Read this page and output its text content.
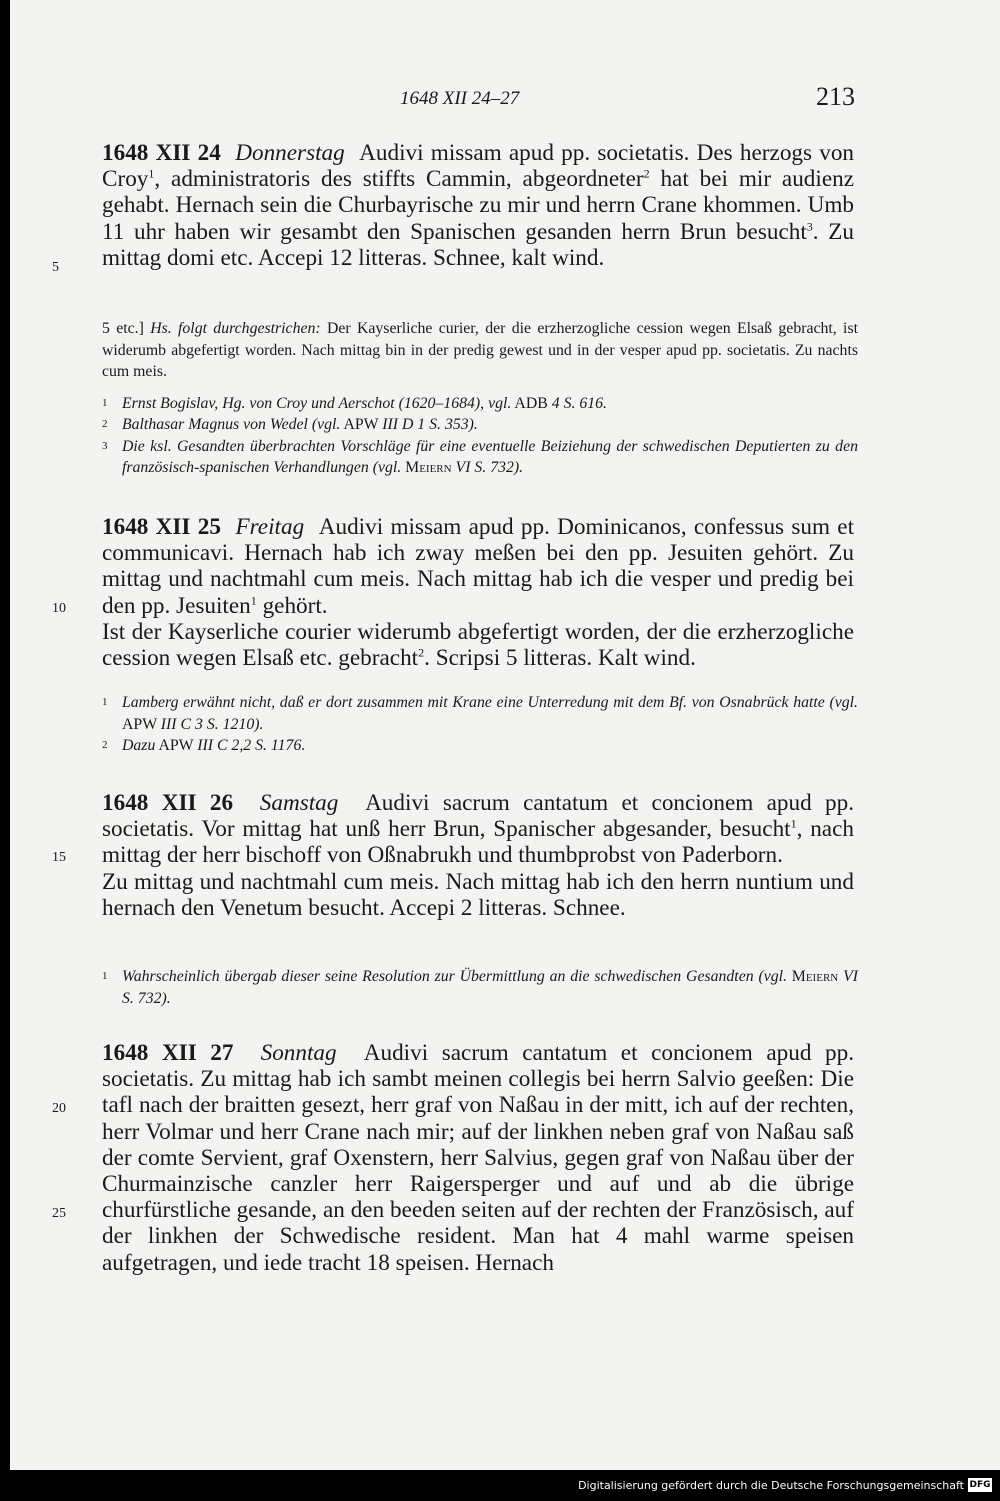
1648 XII 24–27	213

1648 XII 24 Donnerstag Audivi missam apud pp. societatis. Des herzogs von Croy$^1$, administratoris des stiffts Cammin, abgeordneter$^2$ hat bei mir audienz gehabt. Hernach sein die Churbayrische zu mir und herrn Crane khommen. Umb 11 uhr haben wir gesambt den Spanischen gesanden herrn Brun besucht$^3$. Zu mittag domi etc. Accepi 12 litteras. Schnee, kalt wind.

5 etc.] Hs. folgt durchgestrichen: Der Kayserliche curier, der die erzherzogliche cession wegen Elsaß gebracht, ist widerumb abgefertigt worden. Nach mittag bin in der predig gewest und in der vesper apud pp. societatis. Zu nachts cum meis.

1 Ernst Bogislav, Hg. von Croy und Aerschot (1620–1684), vgl. ADB 4 S. 616.

2 Balthasar Magnus von Wedel (vgl. APW III D 1 S. 353).

3 Die ksl. Gesandten überbrachten Vorschläge für eine eventuelle Beiziehung der schwedischen Deputierten zu den französisch-spanischen Verhandlungen (vgl. Meiern VI S. 732).

1648 XII 25 Freitag Audivi missam apud pp. Dominicanos, confessus sum et communicavi. Hernach hab ich zway meßen bei den pp. Jesuiten gehört. Zu mittag und nachtmahl cum meis. Nach mittag hab ich die vesper und predig bei den pp. Jesuiten$^1$ gehört.

Ist der Kayserliche courier widerumb abgefertigt worden, der die erzherzogliche cession wegen Elsaß etc. gebracht$^2$. Scripsi 5 litteras. Kalt wind.

1 Lamberg erwähnt nicht, daß er dort zusammen mit Krane eine Unterredung mit dem Bf. von Osnabrück hatte (vgl. APW III C 3 S. 1210).

2 Dazu APW III C 2,2 S. 1176.

1648 XII 26 Samstag Audivi sacrum cantatum et concionem apud pp. societatis. Vor mittag hat unß herr Brun, Spanischer abgesander, besucht$^1$, nach mittag der herr bischoff von Oßnabrukh und thumbprobst von Paderborn.

Zu mittag und nachtmahl cum meis. Nach mittag hab ich den herrn nuntium und hernach den Venetum besucht. Accepi 2 litteras. Schnee.

1 Wahrscheinlich übergab dieser seine Resolution zur Übermittlung an die schwedischen Gesandten (vgl. Meiern VI S. 732).

1648 XII 27 Sonntag Audivi sacrum cantatum et concionem apud pp. societatis. Zu mittag hab ich sambt meinen collegis bei herrn Salvio geeßen: Die tafl nach der braitten gesezt, herr graf von Naßau in der mitt, ich auf der rechten, herr Volmar und herr Crane nach mir; auf der linkhen neben graf von Naßau saß der comte Servient, graf Oxenstern, herr Salvius, gegen graf von Naßau über der Churmainzische canzler herr Raigersperger und auf und ab die übrige churfürstliche gesande, an den beeden seiten auf der rechten der Französisch, auf der linkhen der Schwedische resident. Man hat 4 mahl warme speisen aufgetragen, und iede tracht 18 speisen. Hernach

5
10
15
20
25
Digitalisierung gefördert durch die Deutsche Forschungsgemeinschaft DFG
